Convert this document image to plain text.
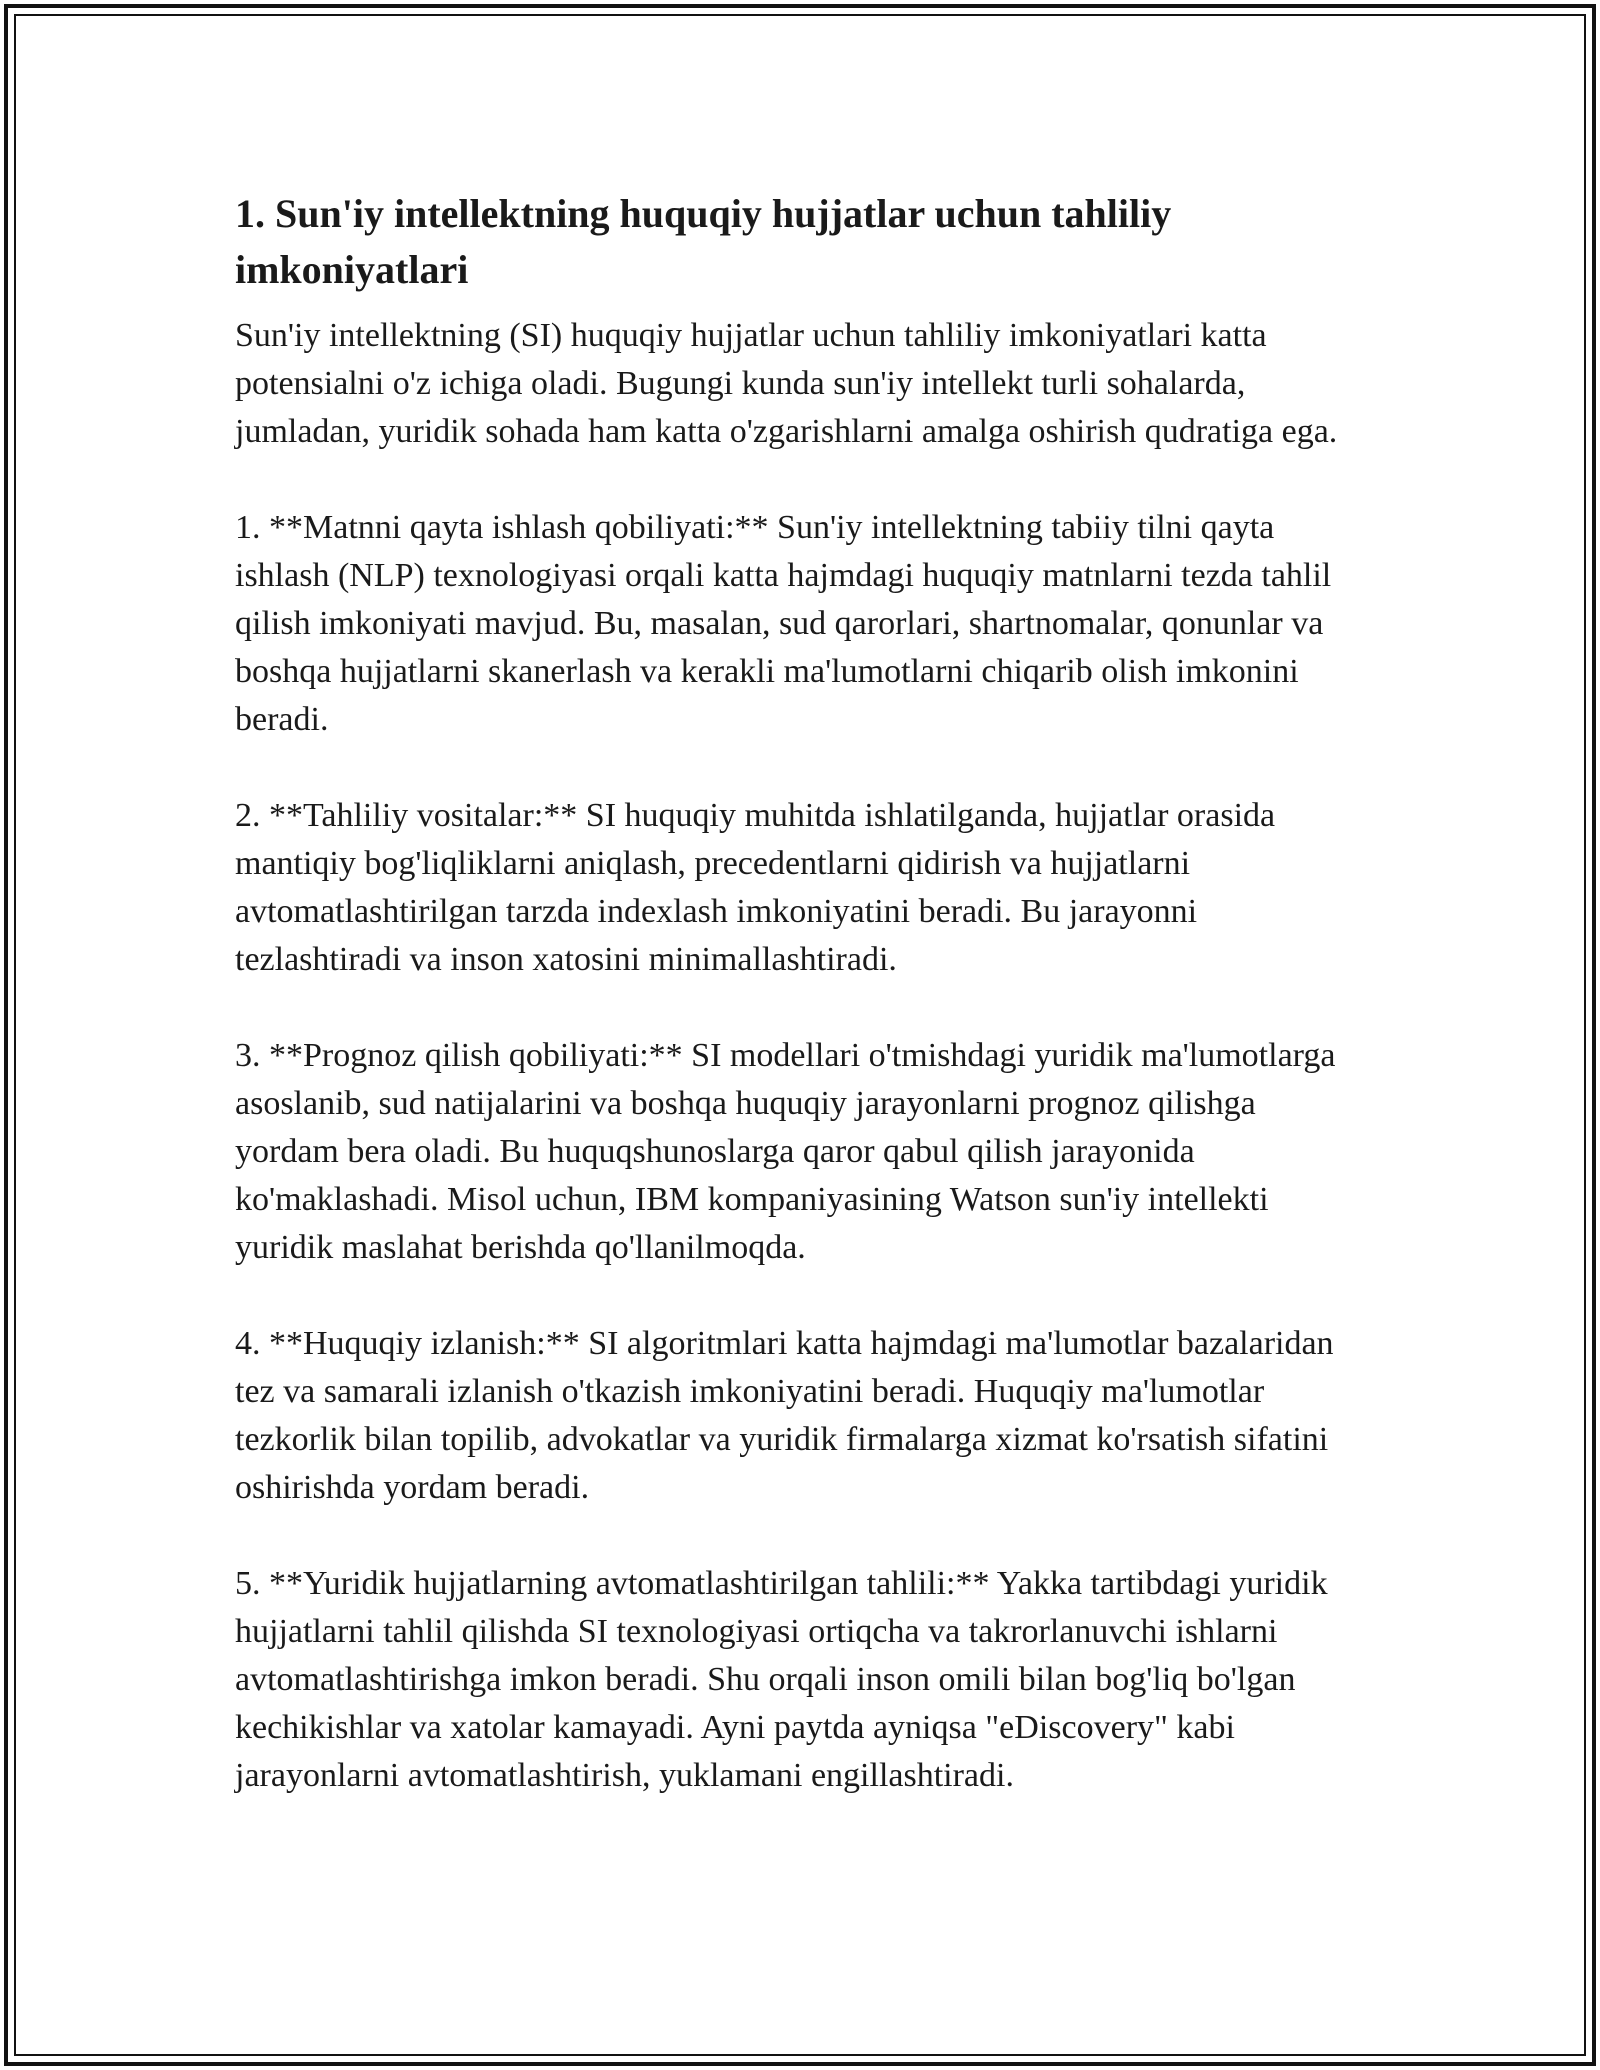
1. Sun'iy intellektning huquqiy hujjatlar uchun tahliliy imkoniyatlari

Sun'iy intellektning (SI) huquqiy hujjatlar uchun tahliliy imkoniyatlari katta potensialni o'z ichiga oladi. Bugungi kunda sun'iy intellekt turli sohalarda, jumladan, yuridik sohada ham katta o'zgarishlarni amalga oshirish qudratiga ega.

1. **Matnni qayta ishlash qobiliyati:** Sun'iy intellektning tabiiy tilni qayta ishlash (NLP) texnologiyasi orqali katta hajmdagi huquqiy matnlarni tezda tahlil qilish imkoniyati mavjud. Bu, masalan, sud qarorlari, shartnomalar, qonunlar va boshqa hujjatlarni skanerlash va kerakli ma'lumotlarni chiqarib olish imkonini beradi.

2. **Tahliliy vositalar:** SI huquqiy muhitda ishlatilganda, hujjatlar orasida mantiqiy bog'liqliklarni aniqlash, precedentlarni qidirish va hujjatlarni avtomatlashtirilgan tarzda indexlash imkoniyatini beradi. Bu jarayonni tezlashtiradi va inson xatosini minimallashtiradi.

3. **Prognoz qilish qobiliyati:** SI modellari o'tmishdagi yuridik ma'lumotlarga asoslanib, sud natijalarini va boshqa huquqiy jarayonlarni prognoz qilishga yordam bera oladi. Bu huquqshunoslarga qaror qabul qilish jarayonida ko'maklashadi. Misol uchun, IBM kompaniyasining Watson sun'iy intellekti yuridik maslahat berishda qo'llanilmoqda.

4. **Huquqiy izlanish:** SI algoritmlari katta hajmdagi ma'lumotlar bazalaridan tez va samarali izlanish o'tkazish imkoniyatini beradi. Huquqiy ma'lumotlar tezkorlik bilan topilib, advokatlar va yuridik firmalarga xizmat ko'rsatish sifatini oshirishda yordam beradi.

5. **Yuridik hujjatlarning avtomatlashtirilgan tahlili:** Yakka tartibdagi yuridik hujjatlarni tahlil qilishda SI texnologiyasi ortiqcha va takrorlanuvchi ishlarni avtomatlashtirishga imkon beradi. Shu orqali inson omili bilan bog'liq bo'lgan kechikishlar va xatolar kamayadi. Ayni paytda ayniqsa "eDiscovery" kabi jarayonlarni avtomatlashtirish, yuklamani engillashtiradi.
